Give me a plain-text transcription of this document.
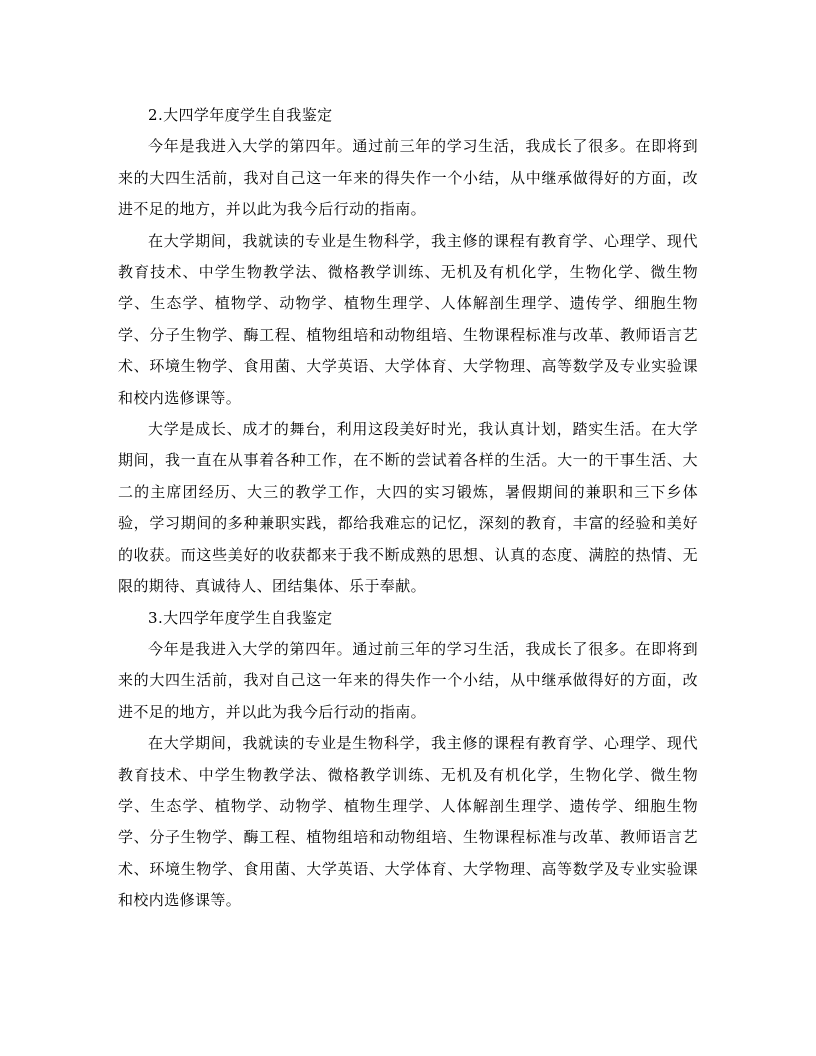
2.大四学年度学生自我鉴定

今年是我进入大学的第四年。通过前三年的学习生活，我成长了很多。在即将到来的大四生活前，我对自己这一年来的得失作一个小结，从中继承做得好的方面，改进不足的地方，并以此为我今后行动的指南。

在大学期间，我就读的专业是生物科学，我主修的课程有教育学、心理学、现代教育技术、中学生物教学法、微格教学训练、无机及有机化学，生物化学、微生物学、生态学、植物学、动物学、植物生理学、人体解剖生理学、遗传学、细胞生物学、分子生物学、酶工程、植物组培和动物组培、生物课程标准与改革、教师语言艺术、环境生物学、食用菌、大学英语、大学体育、大学物理、高等数学及专业实验课和校内选修课等。

大学是成长、成才的舞台，利用这段美好时光，我认真计划，踏实生活。在大学期间，我一直在从事着各种工作，在不断的尝试着各样的生活。大一的干事生活、大二的主席团经历、大三的教学工作，大四的实习锻炼，暑假期间的兼职和三下乡体验，学习期间的多种兼职实践，都给我难忘的记忆，深刻的教育，丰富的经验和美好的收获。而这些美好的收获都来于我不断成熟的思想、认真的态度、满腔的热情、无限的期待、真诚待人、团结集体、乐于奉献。

3.大四学年度学生自我鉴定

今年是我进入大学的第四年。通过前三年的学习生活，我成长了很多。在即将到来的大四生活前，我对自己这一年来的得失作一个小结，从中继承做得好的方面，改进不足的地方，并以此为我今后行动的指南。

在大学期间，我就读的专业是生物科学，我主修的课程有教育学、心理学、现代教育技术、中学生物教学法、微格教学训练、无机及有机化学，生物化学、微生物学、生态学、植物学、动物学、植物生理学、人体解剖生理学、遗传学、细胞生物学、分子生物学、酶工程、植物组培和动物组培、生物课程标准与改革、教师语言艺术、环境生物学、食用菌、大学英语、大学体育、大学物理、高等数学及专业实验课和校内选修课等。
